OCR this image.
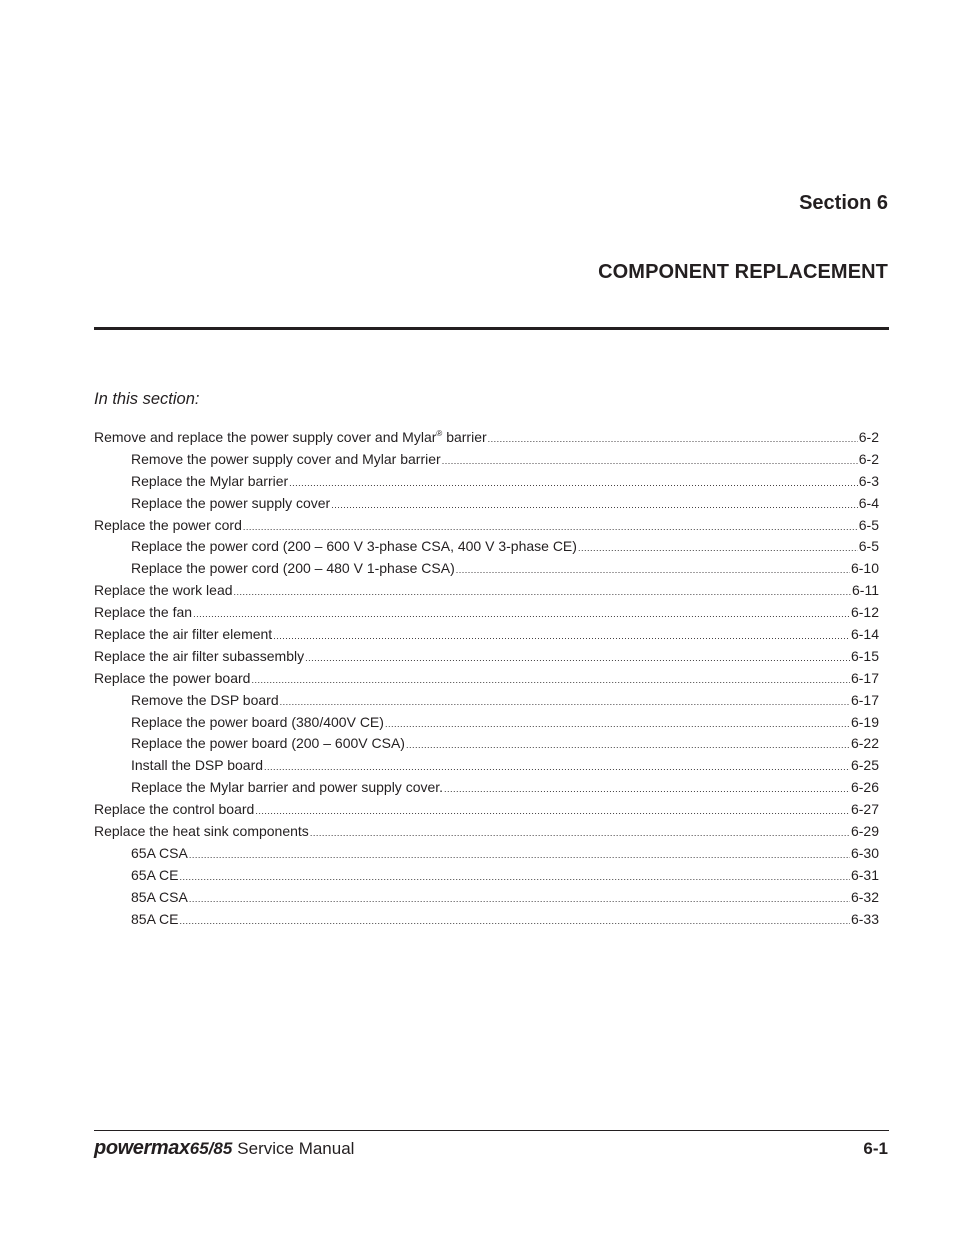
Section 6
COMPONENT REPLACEMENT

In this section:

Remove and replace the power supply cover and Mylar® barrier .....	6-2
Remove the power supply cover and Mylar barrier .....	6-2
Replace the Mylar barrier .....	6-3
Replace the power supply cover .....	6-4
Replace the power cord .....	6-5
Replace the power cord (200 – 600 V 3-phase CSA, 400 V 3-phase CE) .....	6-5
Replace the power cord (200 – 480 V 1-phase CSA) .....	6-10
Replace the work lead .....	6-11
Replace the fan .....	6-12
Replace the air filter element .....	6-14
Replace the air filter subassembly .....	6-15
Replace the power board .....	6-17
Remove the DSP board .....	6-17
Replace the power board (380/400V CE) .....	6-19
Replace the power board (200 – 600V CSA) .....	6-22
Install the DSP board .....	6-25
Replace the Mylar barrier and power supply cover. .....	6-26
Replace the control board .....	6-27
Replace the heat sink components .....	6-29
65A CSA .....	6-30
65A CE .....	6-31
85A CSA .....	6-32
85A CE .....	6-33
powermax 65/85 Service Manual	6-1
